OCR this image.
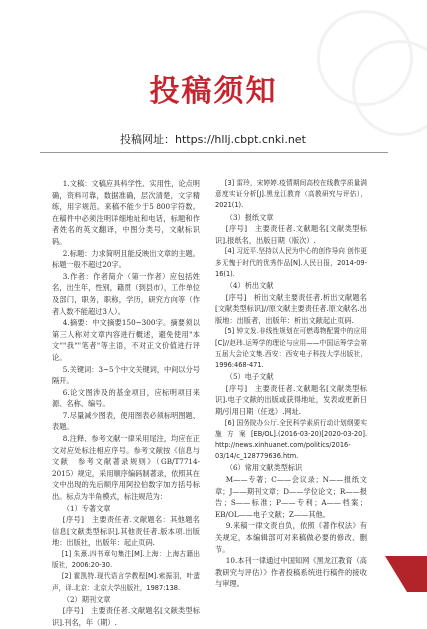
投稿须知
投稿网址：https://hllj.cbpt.cnki.net

1.文稿：文稿应具科学性、实用性，论点明确，资料可靠，数据准确，层次清楚，文字精练，用字规范。来稿不能少于5 800字符数。在稿件中必须注明详细地址和电话，标题和作者姓名的英文翻译，中图分类号，文献标识码。

2.标题：力求简明且能反映出文章的主题。标题一般不超过20字。

3.作者：作者简介（第一作者）应包括姓名，出生年，性别，籍贯（到县市），工作单位及部门，职务，职称，学历，研究方向等（作者人数不能超过3人）。

4.摘要：中文摘要150~300字。摘要须以第三人称对文章内容进行概述，避免使用"本文""我""笔者"等主语，不对正文价值进行评论。

5.关键词：3~5个中文关键词，中间以分号隔开。

6.论文图涉及的基金项目，应标明项目来源、名称、编号。

7.尽量减少图表，使用图表必须标明图题、表题。

8.注释、参考文献一律采用尾注，均应在正文对应处标注相应序号。参考文献按《信息与文献　参考文献著录规则》（GB/T7714-2015）规定，采用顺序编码制著录，依照其在文中出现的先后顺序用阿拉伯数字加方括号标出。标点为半角模式，标注规范为：

（1）专著文章

[序号]　主要责任者.文献题名：其他题名信息[文献类型标识].其他责任者.版本项.出版地：出版社，出版年：起止页码.

[1] 朱熹.四书章句集注[M].上海：上海古籍出版社，2006:20-30.

[2] 霍凯特.现代语言学教程[M].索振羽，叶蜚声，译.北京：北京大学出版社，1987:138.

（2）期刊文章

[序号]　主要责任者.文献题名[文献类型标识].刊名，年（期）.

[3] 雷玲，宋婷婷.疫情期间高校在线教学质量满意度实证分析[J].黑龙江教育（高教研究与评估），2021(1).

（3）报纸文章

[序号]　主要责任者.文献题名[文献类型标识].报纸名，出版日期（版次）.

[4] 习近平.坚持以人民为中心的创作导向 创作更多无愧于时代的优秀作品[N].人民日报，2014-09-16(1).

（4）析出文献

[序号]　析出文献主要责任者.析出文献题名[文献类型标识]//原文献主要责任者.原文献名.出版地：出版者，出版年：析出文献起止页码.

[5] 钟文发.非线性规划在可燃毒物配置中的应用[C]//赵玮.运筹学的理论与应用——中国运筹学会第五届大会论文集.西安：西安电子科技大学出版社，1996:468-471.

（5）电子文献

[序号]　主要责任者.文献题名[文献类型标识].电子文献的出版或获得地址，发表或更新日期/引用日期（任选）.网址.

[6] 国务院办公厅.全民科学素质行动计划纲要实施方案[EB/OL].(2016-03-20)[2020-03-20]. http://news.xinhuanet.com/politics/2016-03/14/c_128779636.htm.

（6）常用文献类型标识

M——专著；C——会议录；N——报纸文章；J——期刊文章；D——学位论文；R——报告；S——标准；P——专利；A——档案；EB/OL——电子文献；Z——其他。

9.来稿一律文责自负，依照《著作权法》有关规定，本编辑部可对来稿做必要的修改、删节。

10.本刊一律通过中国知网《黑龙江教育（高教研究与评估）》作者投稿系统进行稿件的接收与审理。
